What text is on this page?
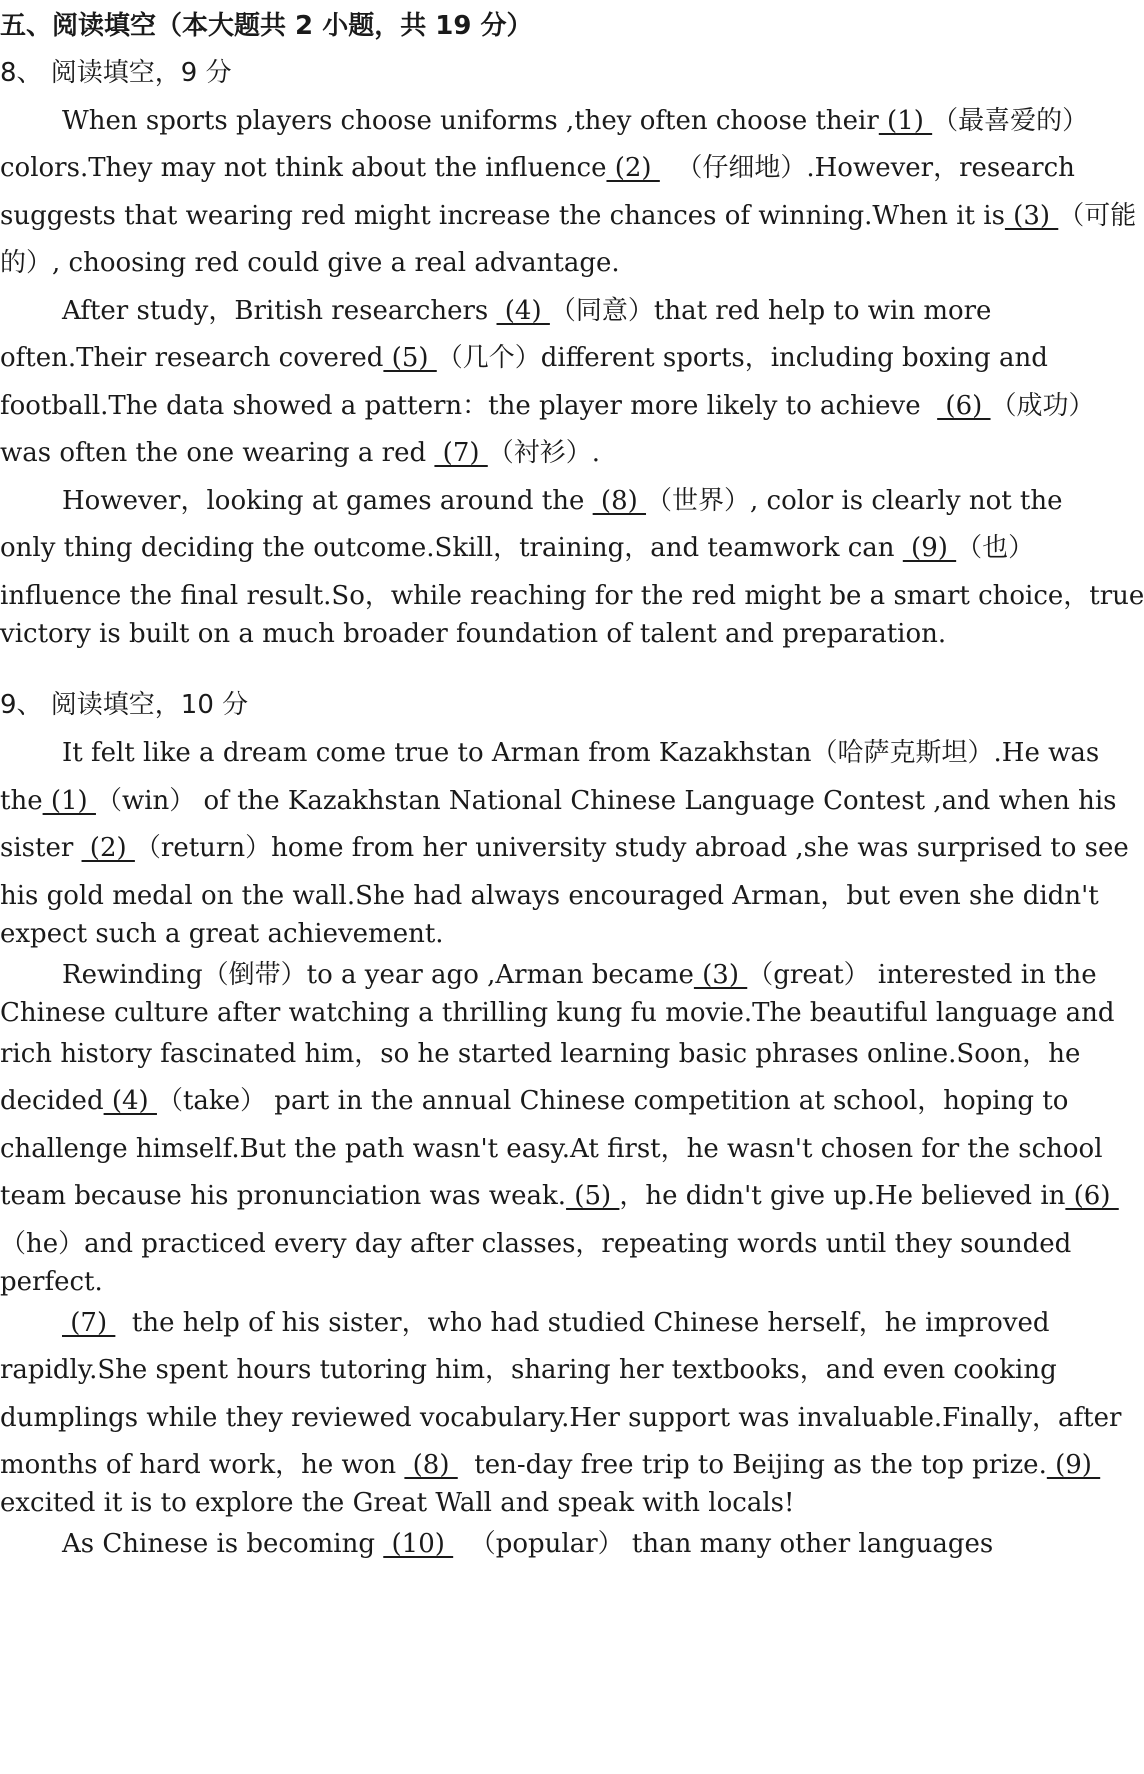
五、阅读填空（本大题共 2 小题，共 19 分）
8、 阅读填空，9 分
When sports players choose uniforms ,they often choose their (1) （最喜爱的）
colors.They may not think about the influence (2)   （仔细地）.However，research
suggests that wearing red might increase the chances of winning.When it is (3) （可能
的）, choosing red could give a real advantage.
After study，British researchers  (4) （同意）that red help to win more
often.Their research covered (5) （几个）different sports，including boxing and
football.The data showed a pattern：the player more likely to achieve   (6) （成功）
was often the one wearing a red  (7) （衬衫）.
However，looking at games around the  (8) （世界）, color is clearly not the
only thing deciding the outcome.Skill，training，and teamwork can  (9) （也）
influence the final result.So，while reaching for the red might be a smart choice，true
victory is built on a much broader foundation of talent and preparation.
9、 阅读填空，10 分
It felt like a dream come true to Arman from Kazakhstan（哈萨克斯坦）.He was
the (1) （win） of the Kazakhstan National Chinese Language Contest ,and when his
sister  (2) （return）home from her university study abroad ,she was surprised to see
his gold medal on the wall.She had always encouraged Arman，but even she didn't
expect such a great achievement.
Rewinding（倒带）to a year ago ,Arman became (3) （great） interested in the
Chinese culture after watching a thrilling kung fu movie.The beautiful language and
rich history fascinated him，so he started learning basic phrases online.Soon，he
decided (4) （take） part in the annual Chinese competition at school，hoping to
challenge himself.But the path wasn't easy.At first，he wasn't chosen for the school
team because his pronunciation was weak. (5) ，he didn't give up.He believed in (6)
（he）and practiced every day after classes，repeating words until they sounded
perfect.
(7)   the help of his sister，who had studied Chinese herself，he improved
rapidly.She spent hours tutoring him，sharing her textbooks，and even cooking
dumplings while they reviewed vocabulary.Her support was invaluable.Finally，after
months of hard work，he won  (8)   ten-day free trip to Beijing as the top prize. (9)
excited it is to explore the Great Wall and speak with locals!
As Chinese is becoming  (10)   （popular） than many other languages
